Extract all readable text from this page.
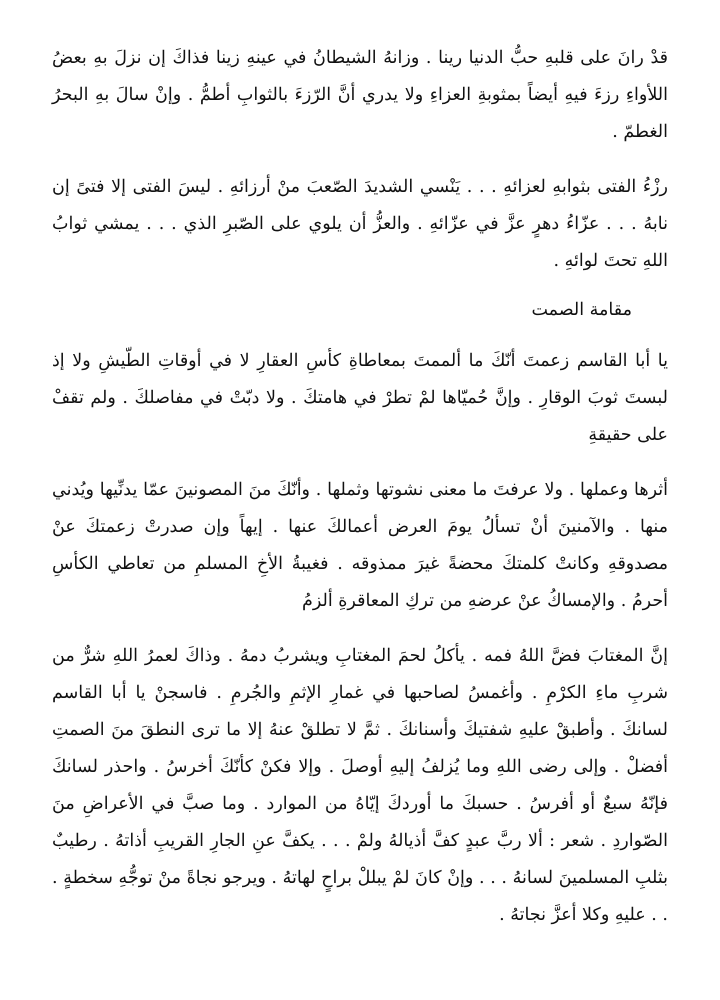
قدْ رانَ على قلبهِ حبُّ الدنيا رينا . وزانهُ الشيطانُ في عينهِ زينا فذاكَ إن نزلَ بهِ بعضُ اللأواءِ رزءَ فيهِ أيضاً بمثوبةِ العزاءِ ولا يدري أنَّ الرّزءَ بالثوابِ أطمُّ . وإنْ سالَ بهِ البحرُ الغطمّ .

رزْءُ الفتى بثوابهِ لعزائهِ . . . يَنْسي الشديدَ الصّعبَ منْ أرزائهِ . ليسَ الفتى إلا فتىً إن نابهُ . . . عزّاءُ دهرٍ عزَّ في عزّائهِ . والعزُّ أن يلوي على الصّبرِ الذي . . . يمشي ثوابُ اللهِ تحتَ لوائهِ .

مقامة الصمت

يا أبا القاسم زعمتَ أنّكَ ما ألممتَ بمعاطاةِ كأسِ العقارِ لا في أوقاتِ الطّيشِ ولا إذ لبستَ ثوبَ الوقارِ . وإنَّ حُميّاها لمْ تطرْ في هامتكَ . ولا دبّتْ في مفاصلكَ . ولم تقفْ على حقيقةِ

أثرها وعملها . ولا عرفتَ ما معنى نشوتها وثملها . وأنّكَ منَ المصونينَ عمّا يدنِّيها ويُدني منها . والآمنينَ أنْ تسألُ يومَ العرض أعمالكَ عنها . إيهاً وإن صدرتْ زعمتكَ عنْ مصدوقهِ وكانتْ كلمتكَ محضةً غيرَ ممذوقه . فغيبةُ الأخِ المسلمِ من تعاطي الكأسِ أحرمُ . والإمساكُ عنْ عرضهِ من تركِ المعاقرةِ ألزمُ

إنَّ المغتابَ فضَّ اللهُ فمه . يأكلُ لحمَ المغتابِ ويشربُ دمهُ . وذاكَ لعمرُ اللهِ شرٌّ من شربِ ماءِ الكرْمِ . وأغمسُ لصاحبها في غمارِ الإثمِ والجُرمِ . فاسجنْ يا أبا القاسم لسانكَ . وأطبقْ عليهِ شفتيكَ وأسنانكَ . ثمَّ لا تطلقْ عنهُ إلا ما ترى النطقَ منَ الصمتِ أفضلْ . وإلى رضى اللهِ وما يُزلفُ إليهِ أوصلَ . وإلا فكنْ كأنّكَ أخرسُ . واحذر لسانكَ فإنّهُ سبعٌ أو أفرسُ . حسبكَ ما أوردكَ إيّاهُ من الموارد . وما صبَّ في الأعراضِ منَ الصّواردِ . شعر : ألا ربَّ عبدٍ كفَّ أذيالهُ ولمْ . . . يكفَّ عنِ الجارِ القريبِ أذاتهُ . رطيبٌ بثلبِ المسلمينَ لسانهُ . . . وإنْ كانَ لمْ يبللْ براحٍ لهاتهُ . ويرجو نجاةً منْ توجُّهِ سخطةٍ . . . عليهِ وكلا أعزَّ نجاتهُ .
